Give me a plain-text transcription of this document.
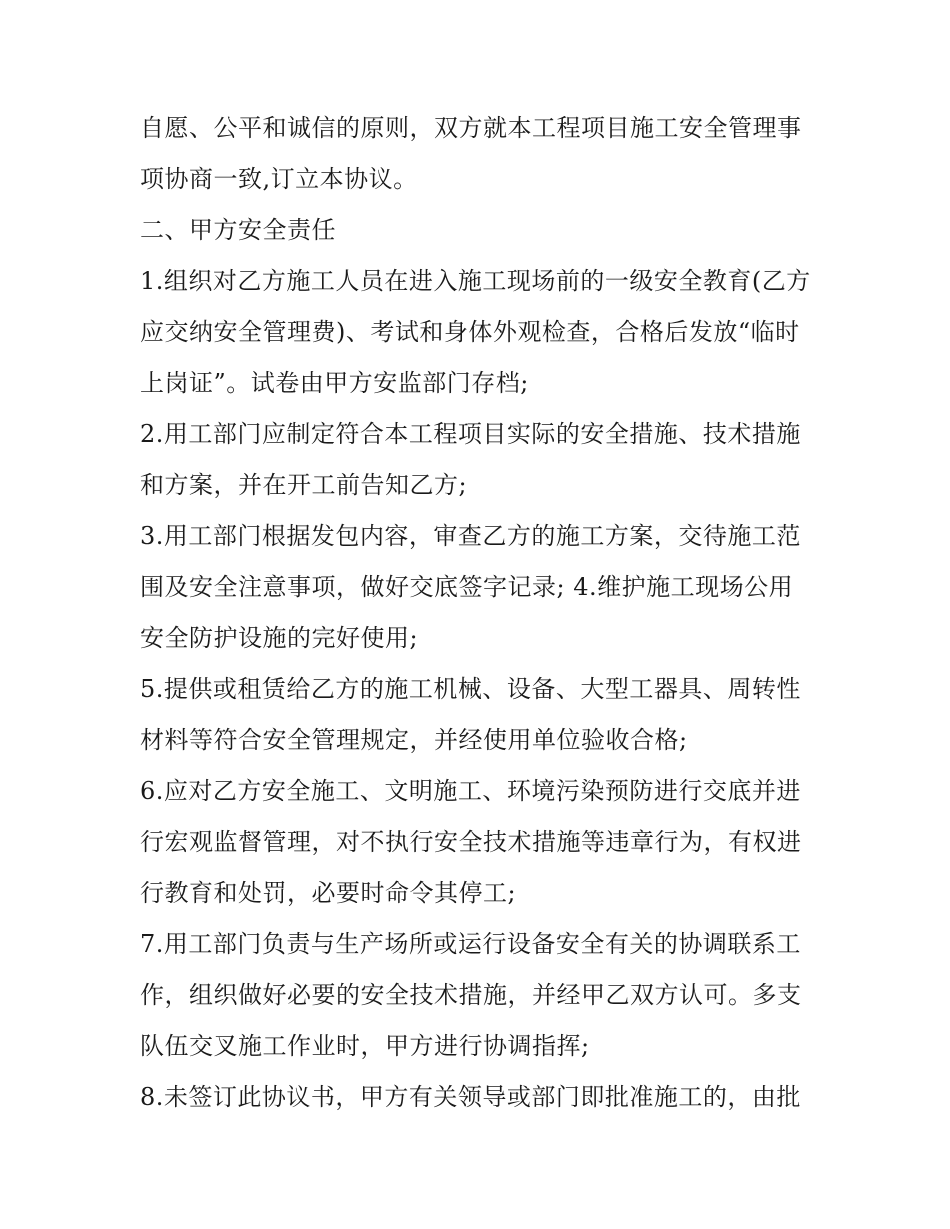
自愿、公平和诚信的原则，双方就本工程项目施工安全管理事
项协商一致,订立本协议。
二、甲方安全责任
1.组织对乙方施工人员在进入施工现场前的一级安全教育(乙方
应交纳安全管理费)、考试和身体外观检查，合格后发放“临时
上岗证”。试卷由甲方安监部门存档;
2.用工部门应制定符合本工程项目实际的安全措施、技术措施
和方案，并在开工前告知乙方;
3.用工部门根据发包内容，审查乙方的施工方案，交待施工范
围及安全注意事项，做好交底签字记录; 4.维护施工现场公用
安全防护设施的完好使用;
5.提供或租赁给乙方的施工机械、设备、大型工器具、周转性
材料等符合安全管理规定，并经使用单位验收合格;
6.应对乙方安全施工、文明施工、环境污染预防进行交底并进
行宏观监督管理，对不执行安全技术措施等违章行为，有权进
行教育和处罚，必要时命令其停工;
7.用工部门负责与生产场所或运行设备安全有关的协调联系工
作，组织做好必要的安全技术措施，并经甲乙双方认可。多支
队伍交叉施工作业时，甲方进行协调指挥;
8.未签订此协议书，甲方有关领导或部门即批准施工的，由批
